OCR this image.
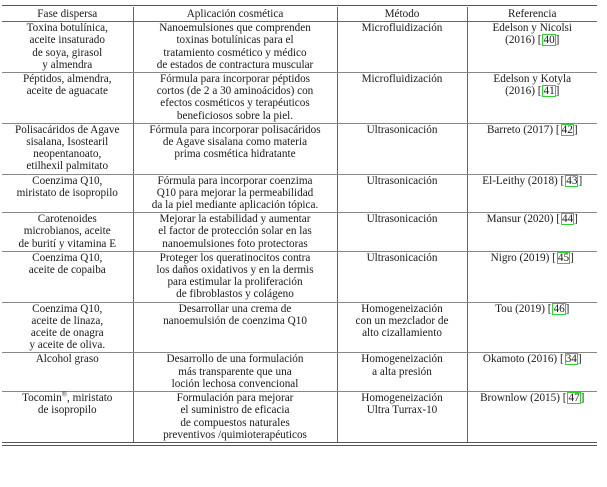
Fase dispersa	Aplicación cosmética	Método	Referencia

Toxina botulínica,
aceite insaturado
de soya, girasol
y almendra	Nanoemulsiones que comprenden
toxinas botulínicas para el
tratamiento cosmético y médico
de estados de contractura muscular	Microfluidización	Edelson y Nicolsi
(2016) [ 40]

Péptidos, almendra,
aceite de aguacate	Fórmula para incorporar péptidos
cortos (de 2 a 30 aminoácidos) con
efectos cosméticos y terapéuticos
beneficiosos sobre la piel.	Microfluidización	Edelson y Kotyla
(2016) [ 41]

Polisacáridos de Agave
sisalana, Isostearil
neopentanoato,
etilhexil palmitato	Fórmula para incorporar polisacáridos
de Agave sisalana como materia
prima cosmética hidratante	Ultrasonicación	Barreto (2017) [ 42]

Coenzima Q10,
miristato de isopropilo	Fórmula para incorporar coenzima
Q10 para mejorar la permeabilidad
da la piel mediante aplicación tópica.	Ultrasonicación	El-Leithy (2018) [ 43]

Carotenoides
microbianos, aceite
de burití y vitamina E	Mejorar la estabilidad y aumentar
el factor de protección solar en las
nanoemulsiones foto protectoras	Ultrasonicación	Mansur (2020) [ 44]

Coenzima Q10,
aceite de copaiba	Proteger los queratinocitos contra
los daños oxidativos y en la dermis
para estimular la proliferación
de fibroblastos y colágeno	Ultrasonicación	Nigro (2019) [ 45]

Coenzima Q10,
aceite de linaza,
aceite de onagra
y aceite de oliva.	Desarrollar una crema de
nanoemulsión de coenzima Q10	Homogeneización
con un mezclador de
alto cizallamiento	Tou (2019) [ 46]

Alcohol graso	Desarrollo de una formulación
más transparente que una
loción lechosa convencional	Homogeneización
a alta presión	Okamoto (2016) [ 34]

Tocomin®, miristato
de isopropilo	Formulación para mejorar
el suministro de eficacia
de compuestos naturales
preventivos /quimioterapéuticos	Homogeneización
Ultra Turrax-10	Brownlow (2015) [ 47]
